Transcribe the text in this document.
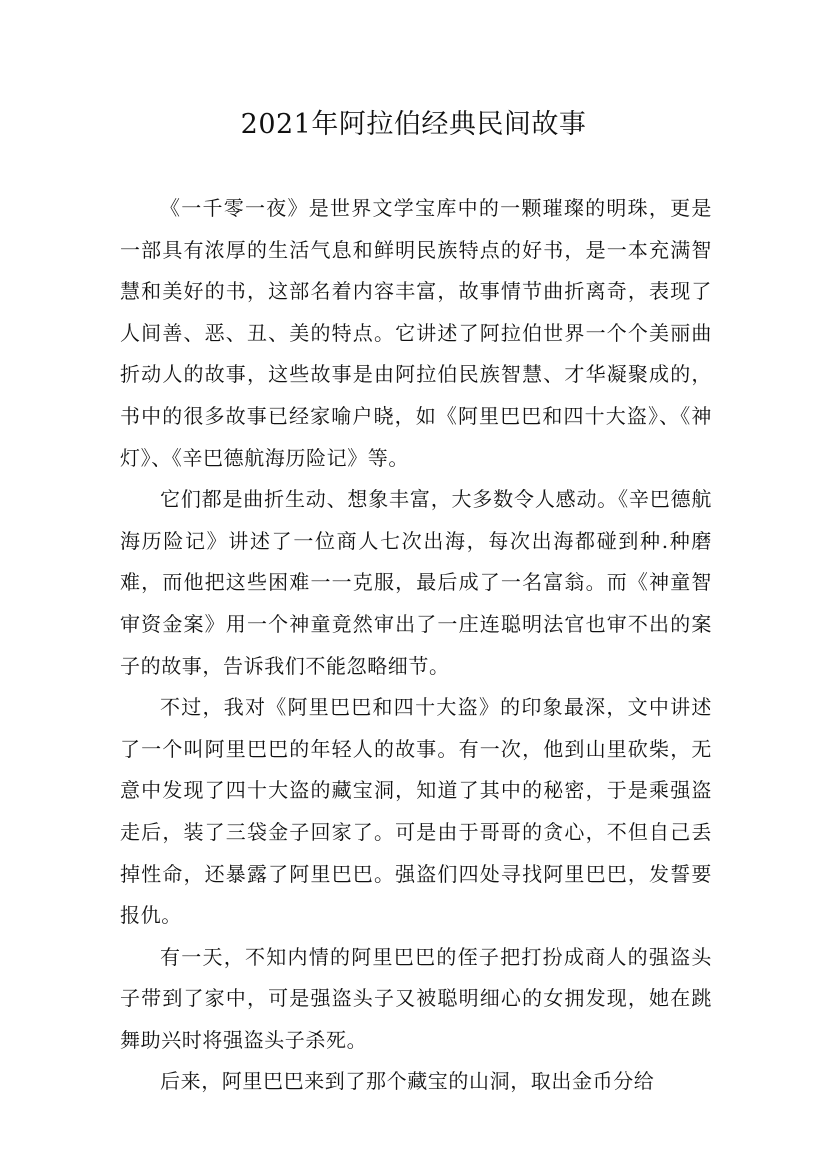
2021年阿拉伯经典民间故事

《一千零一夜》是世界文学宝库中的一颗璀璨的明珠，更是一部具有浓厚的生活气息和鲜明民族特点的好书，是一本充满智慧和美好的书，这部名着内容丰富，故事情节曲折离奇，表现了人间善、恶、丑、美的特点。它讲述了阿拉伯世界一个个美丽曲折动人的故事，这些故事是由阿拉伯民族智慧、才华凝聚成的，书中的很多故事已经家喻户晓，如《阿里巴巴和四十大盗》、《神灯》、《辛巴德航海历险记》等。

它们都是曲折生动、想象丰富，大多数令人感动。《辛巴德航海历险记》讲述了一位商人七次出海，每次出海都碰到种.种磨难，而他把这些困难一一克服，最后成了一名富翁。而《神童智审资金案》用一个神童竟然审出了一庄连聪明法官也审不出的案子的故事，告诉我们不能忽略细节。

不过，我对《阿里巴巴和四十大盗》的印象最深，文中讲述了一个叫阿里巴巴的年轻人的故事。有一次，他到山里砍柴，无意中发现了四十大盗的藏宝洞，知道了其中的秘密，于是乘强盗走后，装了三袋金子回家了。可是由于哥哥的贪心，不但自己丢掉性命，还暴露了阿里巴巴。强盗们四处寻找阿里巴巴，发誓要报仇。

有一天，不知内情的阿里巴巴的侄子把打扮成商人的强盗头子带到了家中，可是强盗头子又被聪明细心的女拥发现，她在跳舞助兴时将强盗头子杀死。

后来，阿里巴巴来到了那个藏宝的山洞，取出金币分给
